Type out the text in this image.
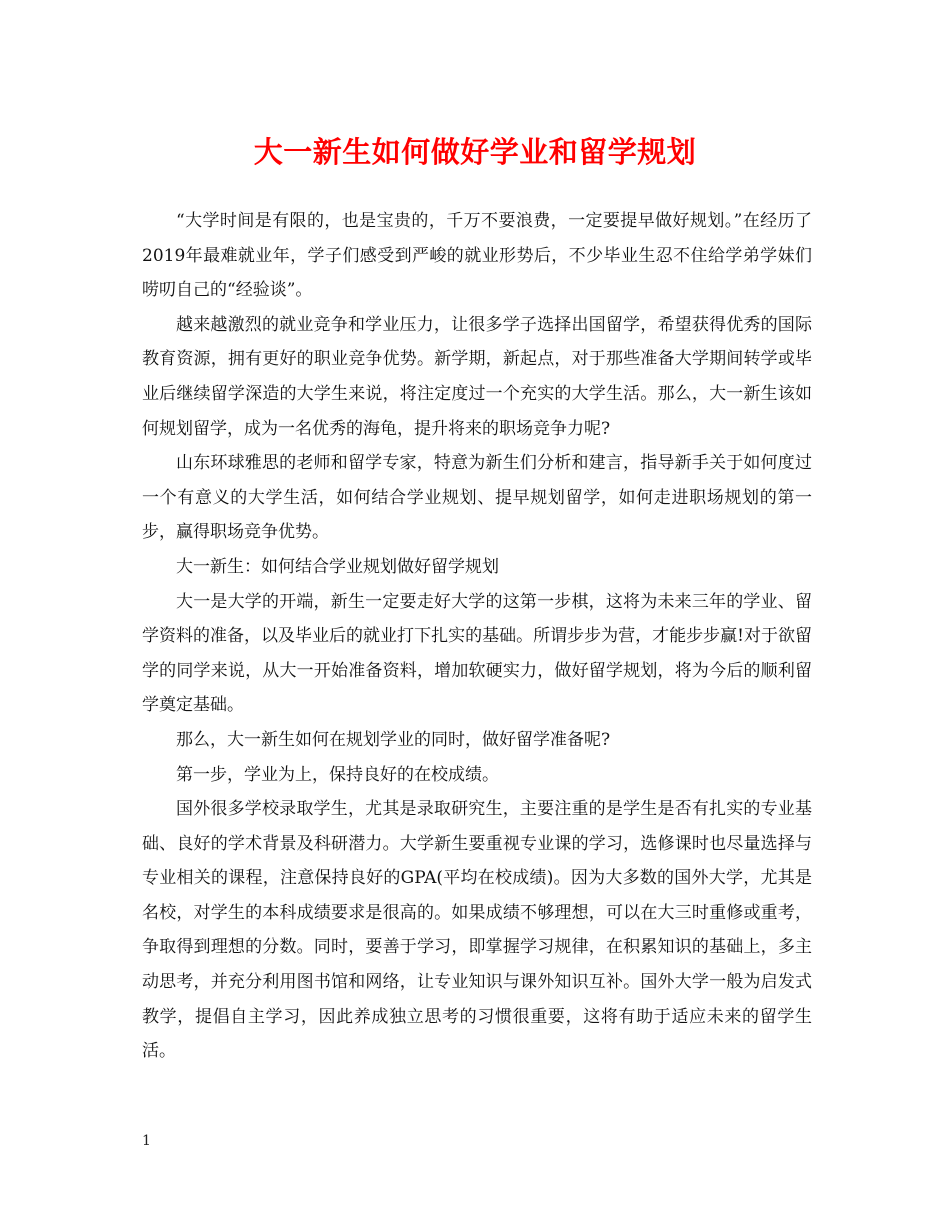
大一新生如何做好学业和留学规划

“大学时间是有限的，也是宝贵的，千万不要浪费，一定要提早做好规划。”在经历了2019年最难就业年，学子们感受到严峻的就业形势后，不少毕业生忍不住给学弟学妹们唠叨自己的“经验谈”。

越来越激烈的就业竞争和学业压力，让很多学子选择出国留学，希望获得优秀的国际教育资源，拥有更好的职业竞争优势。新学期，新起点，对于那些准备大学期间转学或毕业后继续留学深造的大学生来说，将注定度过一个充实的大学生活。那么，大一新生该如何规划留学，成为一名优秀的海龟，提升将来的职场竞争力呢?

山东环球雅思的老师和留学专家，特意为新生们分析和建言，指导新手关于如何度过一个有意义的大学生活，如何结合学业规划、提早规划留学，如何走进职场规划的第一步，赢得职场竞争优势。

大一新生：如何结合学业规划做好留学规划

大一是大学的开端，新生一定要走好大学的这第一步棋，这将为未来三年的学业、留学资料的准备，以及毕业后的就业打下扎实的基础。所谓步步为营，才能步步赢!对于欲留学的同学来说，从大一开始准备资料，增加软硬实力，做好留学规划，将为今后的顺利留学奠定基础。

那么，大一新生如何在规划学业的同时，做好留学准备呢?

第一步，学业为上，保持良好的在校成绩。

国外很多学校录取学生，尤其是录取研究生，主要注重的是学生是否有扎实的专业基础、良好的学术背景及科研潜力。大学新生要重视专业课的学习，选修课时也尽量选择与专业相关的课程，注意保持良好的GPA(平均在校成绩)。因为大多数的国外大学，尤其是名校，对学生的本科成绩要求是很高的。如果成绩不够理想，可以在大三时重修或重考，争取得到理想的分数。同时，要善于学习，即掌握学习规律，在积累知识的基础上，多主动思考，并充分利用图书馆和网络，让专业知识与课外知识互补。国外大学一般为启发式教学，提倡自主学习，因此养成独立思考的习惯很重要，这将有助于适应未来的留学生活。

1
